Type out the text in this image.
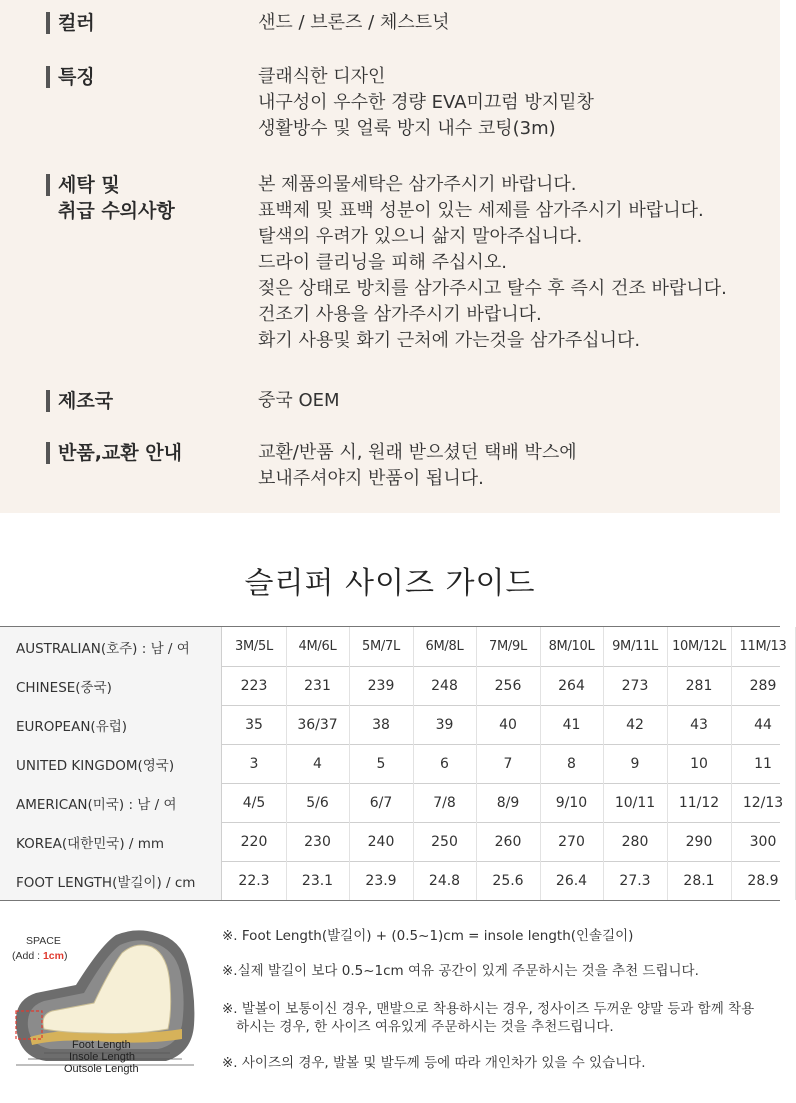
컬러	샌드 / 브론즈 / 체스트넛
특징	클래식한 디자인
내구성이 우수한 경량 EVA미끄럼 방지밑창
생활방수 및 얼룩 방지 내수 코팅(3m)
세탁 및
취급 수의사항
본 제품의물세탁은 삼가주시기 바랍니다.
표백제 및 표백 성분이 있는 세제를 삼가주시기 바랍니다.
탈색의 우려가 있으니 삶지 말아주십니다.
드라이 클리닝을 피해 주십시오.
젖은 상태로 방치를 삼가주시고 탈수 후 즉시 건조 바랍니다.
건조기 사용을 삼가주시기 바랍니다.
화기 사용및 화기 근처에 가는것을 삼가주십니다.
제조국	중국 OEM
반품,교환 안내	교환/반품 시, 원래 받으셨던 택배 박스에
보내주셔야지 반품이 됩니다.
슬리퍼 사이즈 가이드
AUSTRALIAN(호주) : 남 / 여	3M/5L	4M/6L	5M/7L	6M/8L	7M/9L	8M/10L	9M/11L	10M/12L	11M/13
CHINESE(중국)	223	231	239	248	256	264	273	281	289
EUROPEAN(유럽)	35	36/37	38	39	40	41	42	43	44
UNITED KINGDOM(영국)	3	4	5	6	7	8	9	10	11
AMERICAN(미국) : 남 / 여	4/5	5/6	6/7	7/8	8/9	9/10	10/11	11/12	12/13
KOREA(대한민국) / mm	220	230	240	250	260	270	280	290	300
FOOT LENGTH(발길이) / cm	22.3	23.1	23.9	24.8	25.6	26.4	27.3	28.1	28.9
SPACE
(Add : 1cm)
Foot Length
Insole Length
Outsole Length

※. Foot Length(발길이) + (0.5~1)cm = insole length(인솔길이)

※.실제 발길이 보다 0.5~1cm 여유 공간이 있게 주문하시는 것을 추천 드립니다.

※. 발볼이 보통이신 경우, 맨발으로 착용하시는 경우, 정사이즈 두꺼운 양말 등과 함께 착용

하시는 경우, 한 사이즈 여유있게 주문하시는 것을 추천드립니다.

※. 사이즈의 경우, 발볼 및 발두께 등에 따라 개인차가 있을 수 있습니다.
